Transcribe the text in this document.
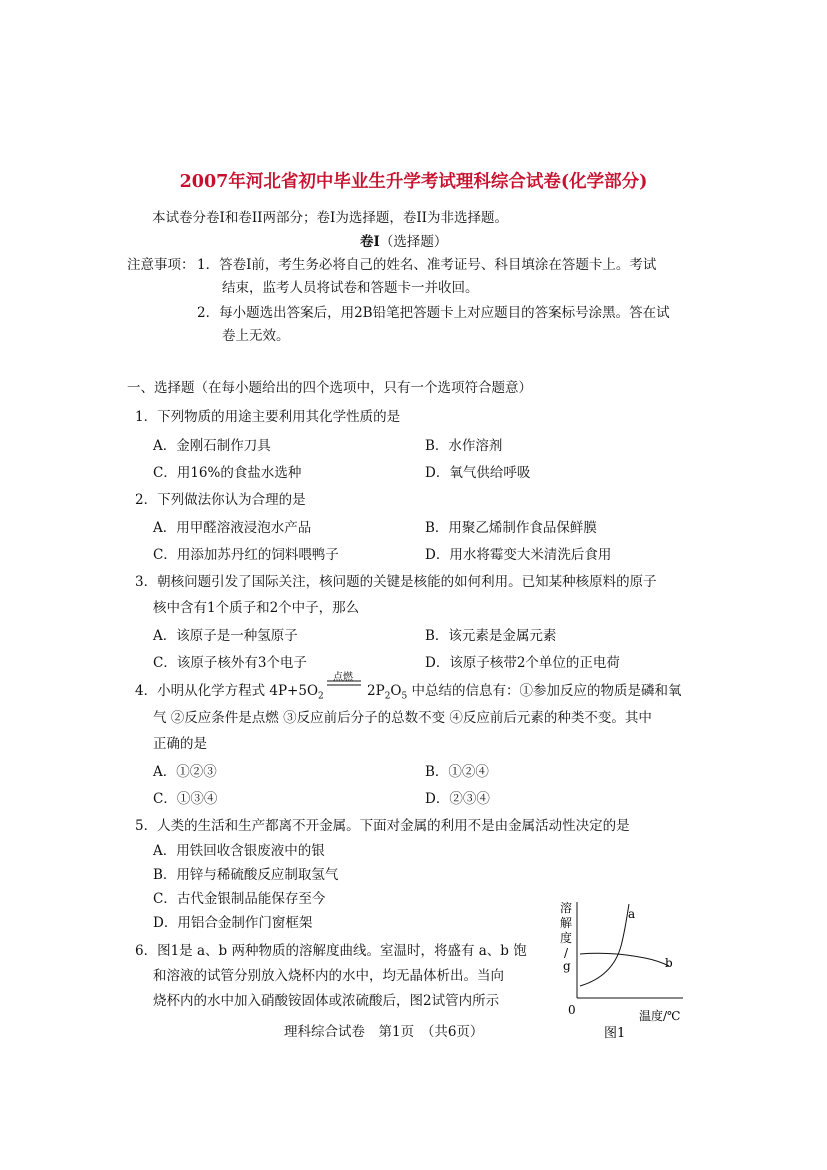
2007年河北省初中毕业生升学考试理科综合试卷(化学部分)
本试卷分卷I和卷II两部分；卷I为选择题，卷II为非选择题。
卷I（选择题）
注意事项： 1．答卷I前，考生务必将自己的姓名、准考证号、科目填涂在答题卡上。考试
结束，监考人员将试卷和答题卡一并收回。
2．每小题选出答案后，用2B铅笔把答题卡上对应题目的答案标号涂黑。答在试
卷上无效。
一、选择题（在每小题给出的四个选项中，只有一个选项符合题意）
1．下列物质的用途主要利用其化学性质的是
A．金刚石制作刀具	B．水作溶剂
C．用16%的食盐水选种	D．氧气供给呼吸
2．下列做法你认为合理的是
A．用甲醛溶液浸泡水产品	B．用聚乙烯制作食品保鲜膜
C．用添加苏丹红的饲料喂鸭子	D．用水将霉变大米清洗后食用
3．朝核问题引发了国际关注，核问题的关键是核能的如何利用。已知某种核原料的原子
核中含有1个质子和2个中子，那么
A．该原子是一种氢原子	B．该元素是金属元素
C．该原子核外有3个电子	D．该原子核带2个单位的正电荷
4．小明从化学方程式 $4P+5O_2$
点燃
$2P_2O_5$ 中总结的信息有：①参加反应的物质是磷和氧
气 ②反应条件是点燃 ③反应前后分子的总数不变 ④反应前后元素的种类不变。其中
正确的是
A．①②③	B．①②④
C．①③④	D．②③④
5．人类的生活和生产都离不开金属。下面对金属的利用不是由金属活动性决定的是
A．用铁回收含银废液中的银
B．用锌与稀硫酸反应制取氢气
C．古代金银制品能保存至今
D．用铝合金制作门窗框架
6．图1是 a、b 两种物质的溶解度曲线。室温时，将盛有 a、b 饱
和溶液的试管分别放入烧杯内的水中，均无晶体析出。当向
烧杯内的水中加入硝酸铵固体或浓硫酸后，图2试管内所示
溶
解
度
/
g
a
b
0	温度/℃
图1
理科综合试卷　第1页　（共6页）
